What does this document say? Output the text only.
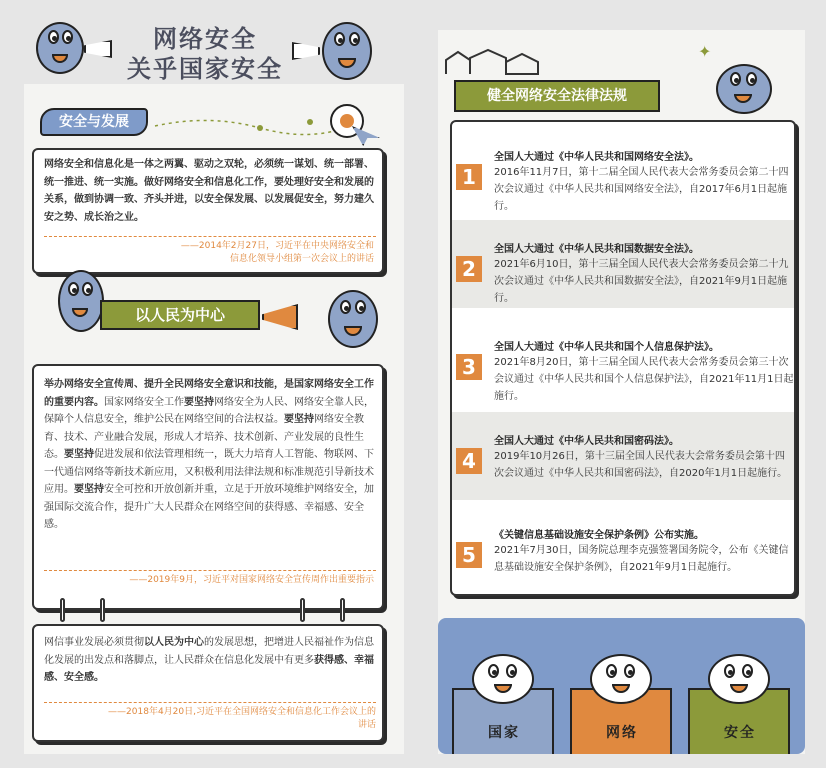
网络安全
关乎国家安全
安全与发展

网络安全和信息化是一体之两翼、驱动之双轮，必须统一谋划、统一部署、统一推进、统一实施。做好网络安全和信息化工作，要处理好安全和发展的关系，做到协调一致、齐头并进，以安全保发展、以发展促安全，努力建久安之势、成长治之业。

——2014年2月27日，习近平在中央网络安全和信息化领导小组第一次会议上的讲话
以人民为中心

举办网络安全宣传周、提升全民网络安全意识和技能，是国家网络安全工作的重要内容。国家网络安全工作要坚持网络安全为人民、网络安全靠人民，保障个人信息安全，维护公民在网络空间的合法权益。要坚持网络安全教育、技术、产业融合发展，形成人才培养、技术创新、产业发展的良性生态。要坚持促进发展和依法管理相统一，既大力培育人工智能、物联网、下一代通信网络等新技术新应用，又积极利用法律法规和标准规范引导新技术应用。要坚持安全可控和开放创新并重，立足于开放环境维护网络安全，加强国际交流合作，提升广大人民群众在网络空间的获得感、幸福感、安全感。

——2019年9月，习近平对国家网络安全宣传周作出重要指示

网信事业发展必须贯彻以人民为中心的发展思想，把增进人民福祉作为信息化发展的出发点和落脚点，让人民群众在信息化发展中有更多获得感、幸福感、安全感。

——2018年4月20日,习近平在全国网络安全和信息化工作会议上的讲话
✦
健全网络安全法律法规
1
全国人大通过《中华人民共和国网络安全法》。
2016年11月7日，第十二届全国人民代表大会常务委员会第二十四次会议通过《中华人民共和国网络安全法》，自2017年6月1日起施行。
2
全国人大通过《中华人民共和国数据安全法》。
2021年6月10日，第十三届全国人民代表大会常务委员会第二十九次会议通过《中华人民共和国数据安全法》，自2021年9月1日起施行。
3
全国人大通过《中华人民共和国个人信息保护法》。
2021年8月20日，第十三届全国人民代表大会常务委员会第三十次会议通过《中华人民共和国个人信息保护法》，自2021年11月1日起施行。
4
全国人大通过《中华人民共和国密码法》。
2019年10月26日，第十三届全国人民代表大会常务委员会第十四次会议通过《中华人民共和国密码法》，自2020年1月1日起施行。
5
《关键信息基础设施安全保护条例》公布实施。
2021年7月30日，国务院总理李克强签署国务院令，公布《关键信息基础设施安全保护条例》，自2021年9月1日起施行。
国家	网络	安全
